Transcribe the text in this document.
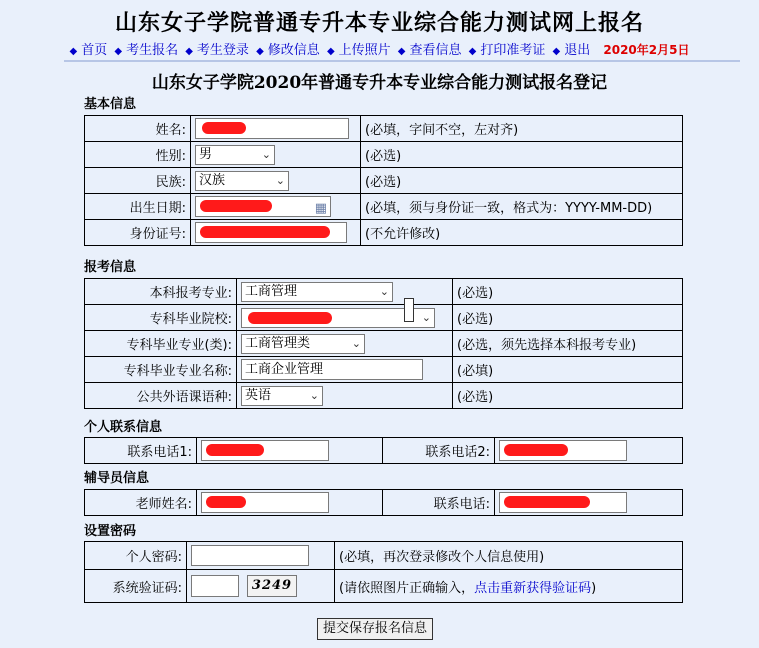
山东女子学院普通专升本专业综合能力测试网上报名
◆ 首页 ◆ 考生报名 ◆ 考生登录 ◆ 修改信息 ◆ 上传照片 ◆ 查看信息 ◆ 打印准考证 ◆ 退出 2020年2月5日
山东女子学院2020年普通专升本专业综合能力测试报名登记
基本信息
姓名:		(必填，字间不空，左对齐)
性别:	男 ⌄	(必选)
民族:	汉族 ⌄	(必选)
出生日期:	▦	(必填，须与身份证一致，格式为：YYYY-MM-DD)
身份证号:		(不允许修改)
报考信息
本科报考专业:	工商管理 ⌄	(必选)
专科毕业院校:	⌄	(必选)
专科毕业专业(类):	工商管理类 ⌄	(必选，须先选择本科报考专业)
专科毕业专业名称:	工商企业管理	(必填)
公共外语课语种:	英语 ⌄	(必选)
个人联系信息
联系电话1:		联系电话2:	
辅导员信息
老师姓名:		联系电话:	
设置密码
个人密码:		(必填，再次登录修改个人信息使用)
系统验证码:	3249	(请依照图片正确输入，点击重新获得验证码)
提交保存报名信息
